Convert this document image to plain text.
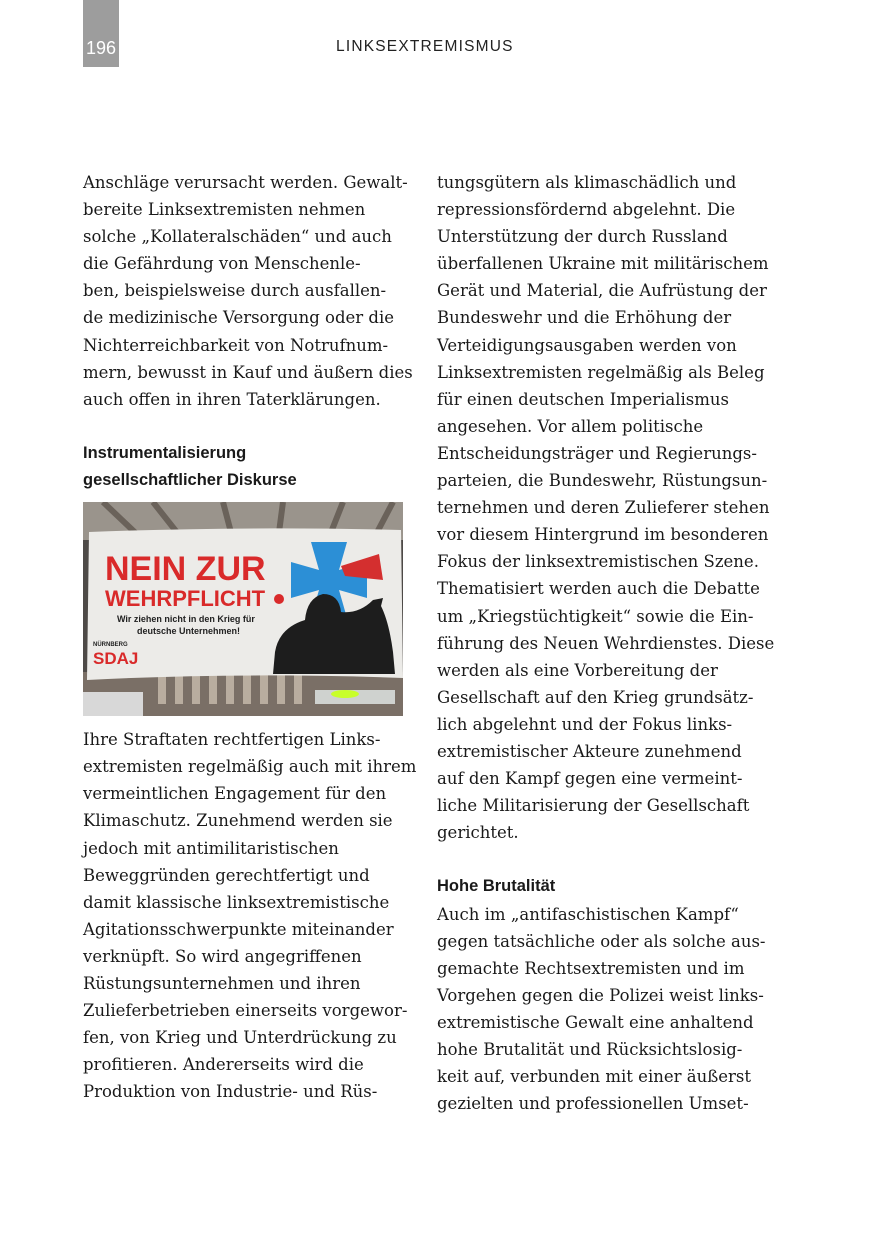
196	LINKSEXTREMISMUS
Anschläge verursacht werden. Gewalt-
bereite Linksextremisten nehmen
solche „Kollateralschäden“ und auch
die Gefährdung von Menschenle-
ben, beispielsweise durch ausfallen-
de medizinische Versorgung oder die
Nichterreichbarkeit von Notrufnum-
mern, bewusst in Kauf und äußern dies
auch offen in ihren Taterklärungen.
Instrumentalisierung
gesellschaftlicher Diskurse
NEIN ZUR
WEHRPFLICHT
Wir ziehen nicht in den Krieg für
deutsche Unternehmen!
NÜRNBERG
SDAJ
Ihre Straftaten rechtfertigen Links-
extremisten regelmäßig auch mit ihrem
vermeintlichen Engagement für den
Klimaschutz. Zunehmend werden sie
jedoch mit antimilitaristischen
Beweggründen gerechtfertigt und
damit klassische linksextremistische
Agitationsschwerpunkte miteinander
verknüpft. So wird angegriffenen
Rüstungsunternehmen und ihren
Zulieferbetrieben einerseits vorgewor-
fen, von Krieg und Unterdrückung zu
profitieren. Andererseits wird die
Produktion von Industrie- und Rüs-
tungsgütern als klimaschädlich und
repressionsfördernd abgelehnt. Die
Unterstützung der durch Russland
überfallenen Ukraine mit militärischem
Gerät und Material, die Aufrüstung der
Bundeswehr und die Erhöhung der
Verteidigungsausgaben werden von
Linksextremisten regelmäßig als Beleg
für einen deutschen Imperialismus
angesehen. Vor allem politische
Entscheidungsträger und Regierungs-
parteien, die Bundeswehr, Rüstungsun-
ternehmen und deren Zulieferer stehen
vor diesem Hintergrund im besonderen
Fokus der linksextremistischen Szene.
Thematisiert werden auch die Debatte
um „Kriegstüchtigkeit“ sowie die Ein-
führung des Neuen Wehrdienstes. Diese
werden als eine Vorbereitung der
Gesellschaft auf den Krieg grundsätz-
lich abgelehnt und der Fokus links-
extremistischer Akteure zunehmend
auf den Kampf gegen eine vermeint-
liche Militarisierung der Gesellschaft
gerichtet.
Hohe Brutalität
Auch im „antifaschistischen Kampf“
gegen tatsächliche oder als solche aus-
gemachte Rechtsextremisten und im
Vorgehen gegen die Polizei weist links-
extremistische Gewalt eine anhaltend
hohe Brutalität und Rücksichtslosig-
keit auf, verbunden mit einer äußerst
gezielten und professionellen Umset-
